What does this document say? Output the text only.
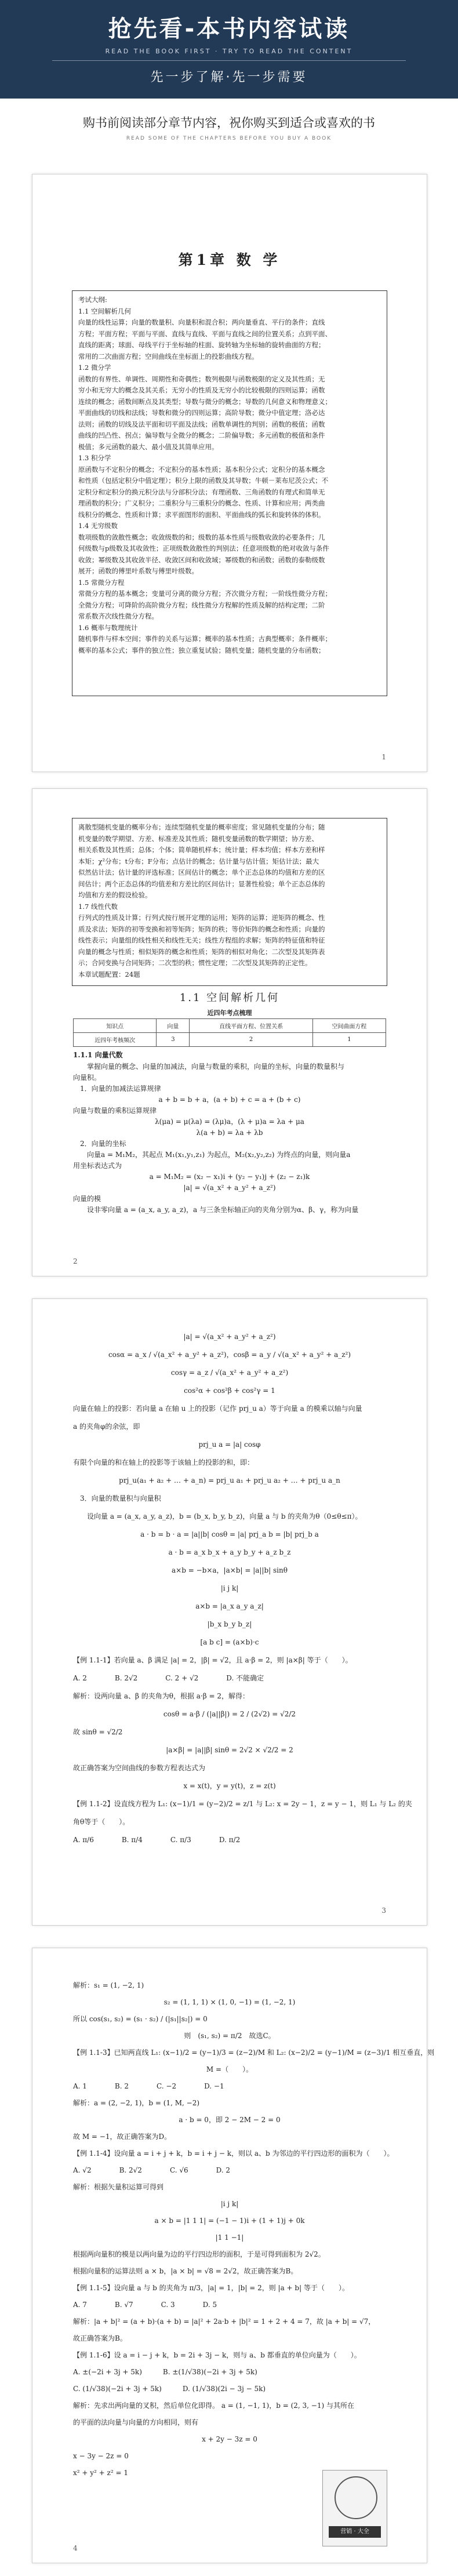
抢先看-本书内容试读
READ THE BOOK FIRST · TRY TO READ THE CONTENT
先一步了解·先一步需要
购书前阅读部分章节内容，祝你购买到适合或喜欢的书
READ SOME OF THE CHAPTERS BEFORE YOU BUY A BOOK
第1章 数 学
考试大纲:
1.1 空间解析几何
向量的线性运算；向量的数量积、向量积和混合积；两向量垂直、平行的条件；直线
方程；平面方程；平面与平面、直线与直线、平面与直线之间的位置关系；点到平面、
直线的距离；球面、母线平行于坐标轴的柱面、旋转轴为坐标轴的旋转曲面的方程；
常用的二次曲面方程；空间曲线在坐标面上的投影曲线方程。
1.2 微分学
函数的有界性、单调性、周期性和奇偶性；数列极限与函数极限的定义及其性质；无
穷小和无穷大的概念及其关系；无穷小的性质及无穷小的比较极限的四则运算；函数
连续的概念；函数间断点及其类型；导数与微分的概念；导数的几何意义和物理意义；
平面曲线的切线和法线；导数和微分的四则运算；高阶导数；微分中值定理；洛必达
法则；函数的切线及法平面和切平面及法线；函数单调性的判别；函数的极值；函数
曲线的凹凸性、拐点；偏导数与全微分的概念；二阶偏导数；多元函数的极值和条件
极值；多元函数的最大、最小值及其简单应用。
1.3 积分学
原函数与不定积分的概念；不定积分的基本性质；基本积分公式；定积分的基本概念
和性质（包括定积分中值定理）；积分上限的函数及其导数；牛顿－莱布尼茨公式；不
定积分和定积分的换元积分法与分部积分法；有理函数、三角函数的有理式和简单无
理函数的积分；广义积分；二重积分与三重积分的概念、性质、计算和应用；两类曲
线积分的概念、性质和计算；求平面图形的面积、平面曲线的弧长和旋转体的体积。
1.4 无穷级数
数项级数的敛散性概念；收敛级数的和；级数的基本性质与级数收敛的必要条件；几
何级数与p级数及其收敛性；正项级数敛散性的判别法；任意项级数的绝对收敛与条件
收敛；幂级数及其收敛半径、收敛区间和收敛域；幂级数的和函数；函数的泰勒级数
展开；函数的傅里叶系数与傅里叶级数。
1.5 常微分方程
常微分方程的基本概念；变量可分离的微分方程；齐次微分方程；一阶线性微分方程；
全微分方程；可降阶的高阶微分方程；线性微分方程解的性质及解的结构定理；二阶
常系数齐次线性微分方程。
1.6 概率与数理统计
随机事件与样本空间；事件的关系与运算；概率的基本性质；古典型概率；条件概率；
概率的基本公式；事件的独立性；独立重复试验；随机变量；随机变量的分布函数；
1
离散型随机变量的概率分布；连续型随机变量的概率密度；常见随机变量的分布；随
机变量的数学期望、方差、标准差及其性质；随机变量函数的数学期望；协方差、
相关系数及其性质；总体；个体；简单随机样本；统计量；样本均值；样本方差和样
本矩；χ²分布；t分布；F分布；点估计的概念；估计量与估计值；矩估计法；最大
似然估计法；估计量的评选标准；区间估计的概念；单个正态总体的均值和方差的区
间估计；两个正态总体的均值差和方差比的区间估计；显著性检验；单个正态总体的
均值和方差的假设检验。
1.7 线性代数
行列式的性质及计算；行列式按行展开定理的运用；矩阵的运算；逆矩阵的概念、性
质及求法；矩阵的初等变换和初等矩阵；矩阵的秩；等价矩阵的概念和性质；向量的
线性表示；向量组的线性相关和线性无关；线性方程组的求解；矩阵的特征值和特征
向量的概念与性质；相似矩阵的概念和性质；矩阵的相似对角化；二次型及其矩阵表
示；合同变换与合同矩阵；二次型的秩；惯性定理；二次型及其矩阵的正定性。
本章试题配置：24题
1.1 空间解析几何
近四年考点梳理
知识点	向量	直线平面方程、位置关系	空间曲面方程
近四年考核频次	3	2	1
1.1.1 向量代数
　　掌握向量的概念、向量的加减法，向量与数量的乘积，向量的坐标，向量的数量积与
向量积。
　1．向量的加减法运算规律
a + b = b + a，(a + b) + c = a + (b + c)
向量与数量的乘积运算规律
λ(μa) = μ(λa) = (λμ)a，(λ + μ)a = λa + μa
λ(a + b) = λa + λb
　2．向量的坐标
　　向量a = M₁M₂，其起点 M₁(x₁,y₁,z₁) 为起点，M₂(x₂,y₂,z₂) 为终点的向量，则向量a
用坐标表达式为
a = M₁M₂ = (x₂ − x₁)i + (y₂ − y₁)j + (z₂ − z₁)k
|a| = √(a_x² + a_y² + a_z²)
向量的模
　　设非零向量 a = (a_x, a_y, a_z)，a 与三条坐标轴正向的夹角分别为α、β、γ，称为向量
2
|a| = √(a_x² + a_y² + a_z²)
cosα = a_x / √(a_x² + a_y² + a_z²)，cosβ = a_y / √(a_x² + a_y² + a_z²)
cosγ = a_z / √(a_x² + a_y² + a_z²)
cos²α + cos²β + cos²γ = 1
向量在轴上的投影：若向量 a 在轴 u 上的投影（记作 prj_u a）等于向量 a 的模乘以轴与向量
a 的夹角φ的余弦，即
prj_u a = |a| cosφ
有限个向量的和在轴上的投影等于该轴上的投影的和，即：
prj_u(a₁ + a₂ + … + a_n) = prj_u a₁ + prj_u a₂ + … + prj_u a_n
　3．向量的数量积与向量积
　　设向量 a = (a_x, a_y, a_z)，b = (b_x, b_y, b_z)，向量 a 与 b 的夹角为θ（0≤θ≤π）。
a · b = b · a = |a||b| cosθ = |a| prj_a b = |b| prj_b a
a · b = a_x b_x + a_y b_y + a_z b_z
a×b = −b×a，|a×b| = |a||b| sinθ
|i j k|
a×b = |a_x a_y a_z|
|b_x b_y b_z|
[a b c] = (a×b)·c
【例 1.1-1】若向量 a、β 满足 |a| = 2，|β| = √2，且 a·β = 2，则 |a×β| 等于（　　）。
A. 2　　　　B. 2√2　　　　C. 2 + √2　　　　D. 不能确定
解析：设两向量 a、β 的夹角为θ，根据 a·β = 2，解得：
cosθ = a·β / (|a||β|) = 2 / (2√2) = √2/2
故 sinθ = √2/2
|a×β| = |a||β| sinθ = 2√2 × √2/2 = 2
故正确答案为空间曲线的参数方程表达式为
x = x(t)，y = y(t)，z = z(t)
【例 1.1-2】设直线方程为 L₁: (x−1)/1 = (y−2)/2 = z/1 与 L₂: x = 2y − 1，z = y − 1，则 L₁ 与 L₂ 的夹
角θ等于（　　）。
A. π/6　　　　B. π/4　　　　C. π/3　　　　D. π/2
3
解析：s₁ = (1, −2, 1)
s₂ = (1, 1, 1) × (1, 0, −1) = (1, −2, 1)
所以 cos(s₁, s₂) = (s₁ · s₂) / (|s₁||s₂|) = 0
则　(s₁, s₂) = π/2　故选C。
【例 1.1-3】已知两直线 L₁: (x−1)/2 = (y−1)/3 = (z−2)/M 和 L₂: (x−2)/2 = (y−1)/M = (z−3)/1 相互垂直，则
M =（　　）。
A. 1　　　　B. 2　　　　C. −2　　　　D. −1
解析：a = (2, −2, 1)，b = (1, M, −2)
a · b = 0，即 2 − 2M − 2 = 0
故 M = −1，故正确答案为D。
【例 1.1-4】设向量 a = i + j + k，b = i + j − k，则以 a、b 为邻边的平行四边形的面积为（　　）。
A. √2　　　　B. 2√2　　　　C. √6　　　　D. 2
解析：根据矢量积运算可得到
|i j k|
a × b = |1 1 1| = (−1 − 1)i + (1 + 1)j + 0k
|1 1 −1|
根据两向量积的模是以两向量为边的平行四边形的面积，于是可得到面积为 2√2。
根据向量积的运算法则 a × b，|a × b| = √8 = 2√2，故正确答案为B。
【例 1.1-5】设向量 a 与 b 的夹角为 π/3，|a| = 1，|b| = 2，则 |a + b| 等于（　　）。
A. 7　　　　B. √7　　　　C. 3　　　　D. 5
解析：|a + b|² = (a + b)·(a + b) = |a|² + 2a·b + |b|² = 1 + 2 + 4 = 7，故 |a + b| = √7，
故正确答案为B。
【例 1.1-6】设 a = i − j + k，b = 2i + 3j − k，则与 a、b 都垂直的单位向量为（　　）。
A. ±(−2i + 3j + 5k)　　　B. ±(1/√38)(−2i + 3j + 5k)
C. (1/√38)(−2i + 3j + 5k)　　　D. (1/√38)(2i − 3j − 5k)
解析：先求出两向量的叉积，然后单位化即得。 a = (1, −1, 1)，b = (2, 3, −1) 与其所在
的平面的法向量与向量的方向相同，则有
x + 2y − 3z = 0
x − 3y − 2z = 0
x² + y² + z² = 1
营销 · 大全
4
